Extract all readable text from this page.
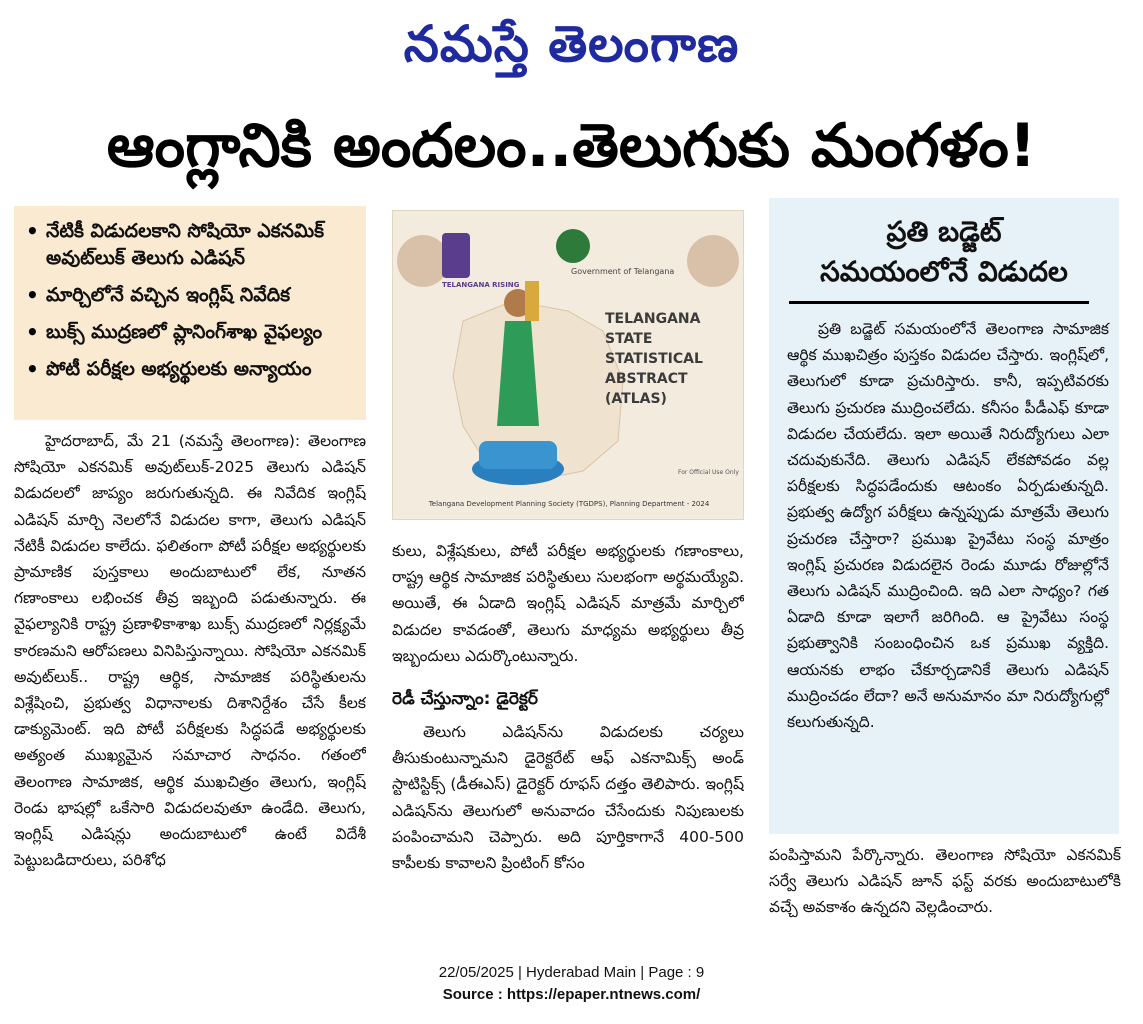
నమస్తే తెలంగాణ
ఆంగ్లానికి అందలం..తెలుగుకు మంగళం!
• నేటికీ విడుదలకాని సోషియో ఎకనమిక్ అవుట్‌లుక్ తెలుగు ఎడిషన్
• మార్చిలోనే వచ్చిన ఇంగ్లిష్ నివేదిక
• బుక్స్ ముద్రణలో ప్లానింగ్‌శాఖ వైఫల్యం
• పోటీ పరీక్షల అభ్యర్థులకు అన్యాయం

హైదరాబాద్, మే 21 (నమస్తే తెలంగాణ): తెలంగాణ సోషియో ఎకనమిక్ అవుట్‌లుక్-2025 తెలుగు ఎడిషన్ విడుదలలో జాప్యం జరుగుతున్నది. ఈ నివేదిక ఇంగ్లిష్ ఎడిషన్ మార్చి నెలలోనే విడుదల కాగా, తెలుగు ఎడిషన్ నేటికీ విడుదల కాలేదు. ఫలితంగా పోటీ పరీక్షల అభ్యర్థులకు ప్రామాణిక పుస్తకాలు అందుబాటులో లేక, నూతన గణాంకాలు లభించక తీవ్ర ఇబ్బంది పడుతున్నారు. ఈ వైఫల్యానికి రాష్ట్ర ప్రణాళికాశాఖ బుక్స్ ముద్రణలో నిర్లక్ష్యమే కారణమని ఆరోపణలు వినిపిస్తున్నాయి. సోషియో ఎకనమిక్ అవుట్‌లుక్.. రాష్ట్ర ఆర్థిక, సామాజిక పరిస్థితులను విశ్లేషించి, ప్రభుత్వ విధానాలకు దిశానిర్దేశం చేసే కీలక డాక్యుమెంట్. ఇది పోటీ పరీక్షలకు సిద్ధపడే అభ్యర్థులకు అత్యంత ముఖ్యమైన సమాచార సాధనం. గతంలో తెలంగాణ సామాజిక, ఆర్థిక ముఖచిత్రం తెలుగు, ఇంగ్లిష్ రెండు భాషల్లో ఒకేసారి విడుదలవుతూ ఉండేది. తెలుగు, ఇంగ్లిష్ ఎడిషన్లు అందుబాటులో ఉంటే విదేశీ పెట్టుబడిదారులు, పరిశోధ

TELANGANA RISING
Government of Telangana
TELANGANA STATE STATISTICAL ABSTRACT (ATLAS)
For Official Use Only
Telangana Development Planning Society (TGDPS), Planning Department - 2024

కులు, విశ్లేషకులు, పోటీ పరీక్షల అభ్యర్థులకు గణాంకాలు, రాష్ట్ర ఆర్థిక సామాజిక పరిస్థితులు సులభంగా అర్థమయ్యేవి. అయితే, ఈ ఏడాది ఇంగ్లిష్ ఎడిషన్ మాత్రమే మార్చిలో విడుదల కావడంతో, తెలుగు మాధ్యమ అభ్యర్థులు తీవ్ర ఇబ్బందులు ఎదుర్కొంటున్నారు.

రెడీ చేస్తున్నాం: డైరెక్టర్

తెలుగు ఎడిషన్‌ను విడుదలకు చర్యలు తీసుకుంటున్నామని డైరెక్టరేట్ ఆఫ్ ఎకనామిక్స్ అండ్ స్టాటిస్టిక్స్ (డీఈఎస్) డైరెక్టర్ రూఫస్ దత్తం తెలిపారు. ఇంగ్లిష్ ఎడిషన్‌ను తెలుగులో అనువాదం చేసేందుకు నిపుణులకు పంపించామని చెప్పారు. అది పూర్తికాగానే 400-500 కాపీలకు కావాలని ప్రింటింగ్ కోసం

ప్రతి బడ్జెట్
సమయంలోనే విడుదల

ప్రతి బడ్జెట్ సమయంలోనే తెలంగాణ సామాజిక ఆర్థిక ముఖచిత్రం పుస్తకం విడుదల చేస్తారు. ఇంగ్లిష్‌లో, తెలుగులో కూడా ప్రచురిస్తారు. కానీ, ఇప్పటివరకు తెలుగు ప్రచురణ ముద్రించలేదు. కనీసం పీడీఎఫ్ కూడా విడుదల చేయలేదు. ఇలా అయితే నిరుద్యోగులు ఎలా చదువుకునేది. తెలుగు ఎడిషన్ లేకపోవడం వల్ల పరీక్షలకు సిద్ధపడేందుకు ఆటంకం ఏర్పడుతున్నది. ప్రభుత్వ ఉద్యోగ పరీక్షలు ఉన్నప్పుడు మాత్రమే తెలుగు ప్రచురణ చేస్తారా? ప్రముఖ ప్రైవేటు సంస్థ మాత్రం ఇంగ్లిష్ ప్రచురణ విడుదలైన రెండు మూడు రోజుల్లోనే తెలుగు ఎడిషన్ ముద్రించింది. ఇది ఎలా సాధ్యం? గత ఏడాది కూడా ఇలాగే జరిగింది. ఆ ప్రైవేటు సంస్థ ప్రభుత్వానికి సంబంధించిన ఒక ప్రముఖ వ్యక్తిది. ఆయనకు లాభం చేకూర్చడానికే తెలుగు ఎడిషన్ ముద్రించడం లేదా? అనే అనుమానం మా నిరుద్యోగుల్లో కలుగుతున్నది.

పంపిస్తామని పేర్కొన్నారు. తెలంగాణ సోషియో ఎకనమిక్ సర్వే తెలుగు ఎడిషన్ జూన్ ఫస్ట్ వరకు అందుబాటులోకి వచ్చే అవకాశం ఉన్నదని వెల్లడించారు.

22/05/2025 | Hyderabad Main | Page : 9
Source : https://epaper.ntnews.com/
